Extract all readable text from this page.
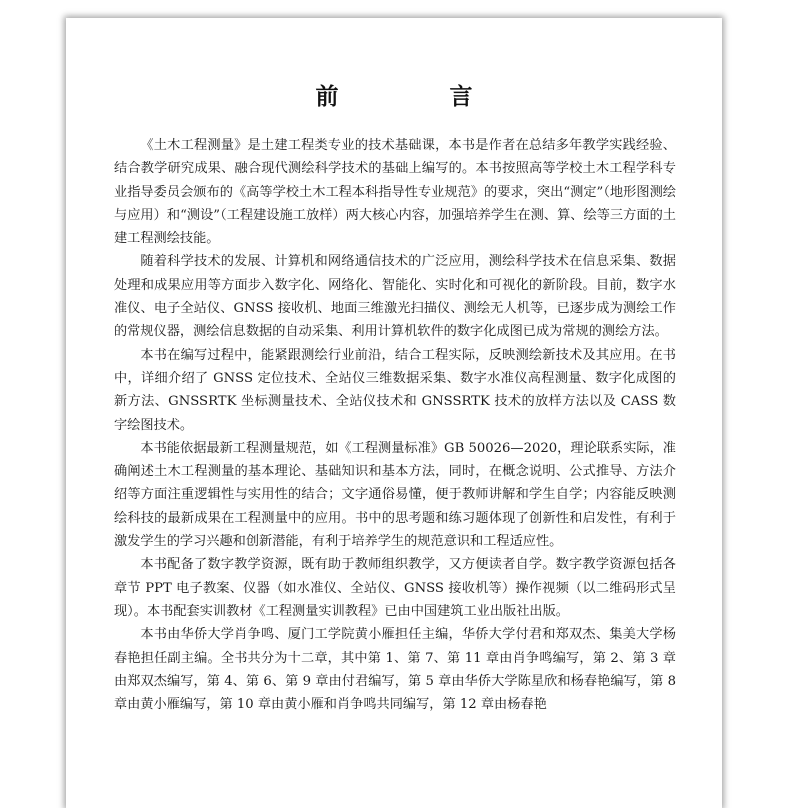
前　言

《土木工程测量》是土建工程类专业的技术基础课，本书是作者在总结多年教学实践经验、结合教学研究成果、融合现代测绘科学技术的基础上编写的。本书按照高等学校土木工程学科专业指导委员会颁布的《高等学校土木工程本科指导性专业规范》的要求，突出“测定”（地形图测绘与应用）和“测设”（工程建设施工放样）两大核心内容，加强培养学生在测、算、绘等三方面的土建工程测绘技能。

随着科学技术的发展、计算机和网络通信技术的广泛应用，测绘科学技术在信息采集、数据处理和成果应用等方面步入数字化、网络化、智能化、实时化和可视化的新阶段。目前，数字水准仪、电子全站仪、GNSS 接收机、地面三维激光扫描仪、测绘无人机等，已逐步成为测绘工作的常规仪器，测绘信息数据的自动采集、利用计算机软件的数字化成图已成为常规的测绘方法。

本书在编写过程中，能紧跟测绘行业前沿，结合工程实际，反映测绘新技术及其应用。在书中，详细介绍了 GNSS 定位技术、全站仪三维数据采集、数字水准仪高程测量、数字化成图的新方法、GNSSRTK 坐标测量技术、全站仪技术和 GNSSRTK 技术的放样方法以及 CASS 数字绘图技术。

本书能依据最新工程测量规范，如《工程测量标准》GB 50026—2020，理论联系实际，准确阐述土木工程测量的基本理论、基础知识和基本方法，同时，在概念说明、公式推导、方法介绍等方面注重逻辑性与实用性的结合；文字通俗易懂，便于教师讲解和学生自学；内容能反映测绘科技的最新成果在工程测量中的应用。书中的思考题和练习题体现了创新性和启发性，有利于激发学生的学习兴趣和创新潜能，有利于培养学生的规范意识和工程适应性。

本书配备了数字教学资源，既有助于教师组织教学，又方便读者自学。数字教学资源包括各章节 PPT 电子教案、仪器（如水准仪、全站仪、GNSS 接收机等）操作视频（以二维码形式呈现）。本书配套实训教材《工程测量实训教程》已由中国建筑工业出版社出版。

本书由华侨大学肖争鸣、厦门工学院黄小雁担任主编，华侨大学付君和郑双杰、集美大学杨春艳担任副主编。全书共分为十二章，其中第 1、第 7、第 11 章由肖争鸣编写，第 2、第 3 章由郑双杰编写，第 4、第 6、第 9 章由付君编写，第 5 章由华侨大学陈星欣和杨春艳编写，第 8 章由黄小雁编写，第 10 章由黄小雁和肖争鸣共同编写，第 12 章由杨春艳
